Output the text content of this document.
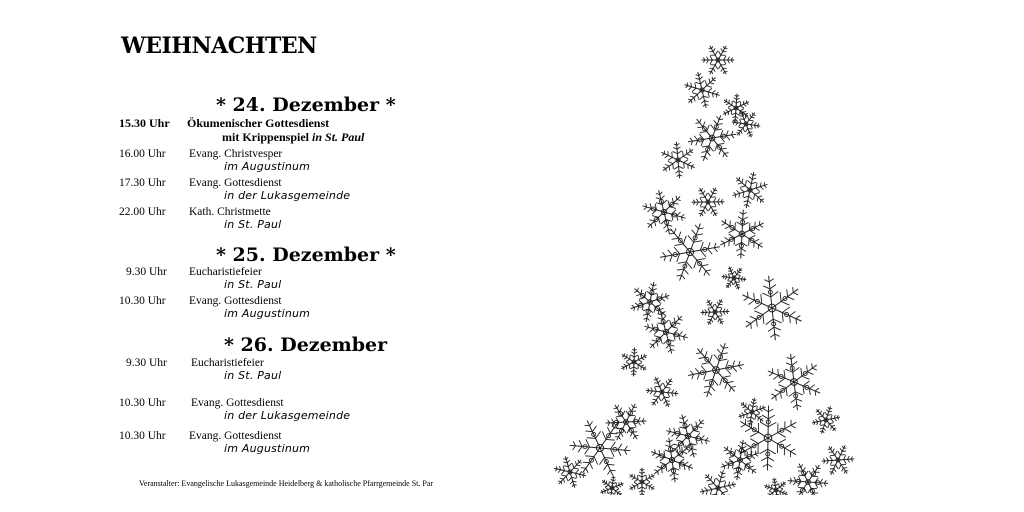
WEIHNACHTEN
* 24. Dezember *
15.30 Uhr Ökumenischer Gottesdienst
mit Krippenspiel in St. Paul
16.00 Uhr Evang. Christvesper
im Augustinum
17.30 Uhr Evang. Gottesdienst
in der Lukasgemeinde
22.00 Uhr Kath. Christmette
in St. Paul
* 25. Dezember *
9.30 Uhr Eucharistiefeier
in St. Paul
10.30 Uhr Evang. Gottesdienst
im Augustinum
* 26. Dezember
9.30 Uhr Eucharistiefeier
in St. Paul
10.30 Uhr Evang. Gottesdienst
in der Lukasgemeinde
10.30 Uhr Evang. Gottesdienst
im Augustinum
Veranstalter: Evangelische Lukasgemeinde Heidelberg & katholische Pfarrgemeinde St. Par
